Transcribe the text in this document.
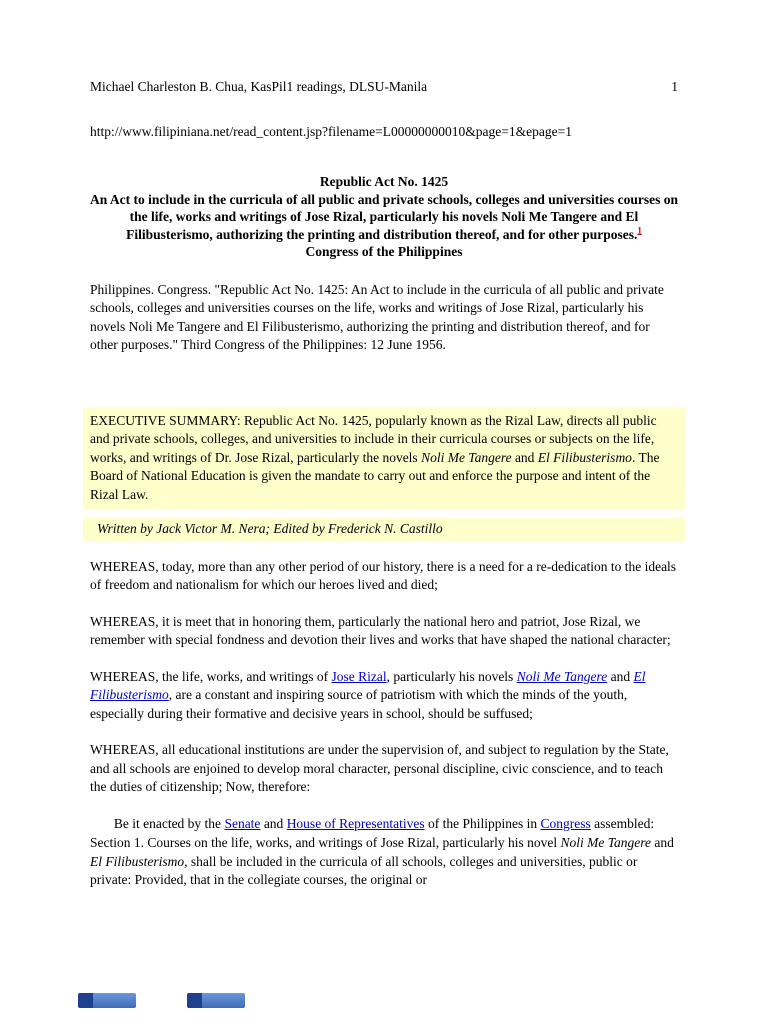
Michael Charleston B. Chua, KasPil1 readings, DLSU-Manila	1
http://www.filipiniana.net/read_content.jsp?filename=L00000000010&page=1&epage=1
Republic Act No. 1425
An Act to include in the curricula of all public and private schools, colleges and universities courses on the life, works and writings of Jose Rizal, particularly his novels Noli Me Tangere and El Filibusterismo, authorizing the printing and distribution thereof, and for other purposes.$^1$
Congress of the Philippines
Philippines. Congress. "Republic Act No. 1425: An Act to include in the curricula of all public and private schools, colleges and universities courses on the life, works and writings of Jose Rizal, particularly his novels Noli Me Tangere and El Filibusterismo, authorizing the printing and distribution thereof, and for other purposes." Third Congress of the Philippines: 12 June 1956.
EXECUTIVE SUMMARY: Republic Act No. 1425, popularly known as the Rizal Law, directs all public and private schools, colleges, and universities to include in their curricula courses or subjects on the life, works, and writings of Dr. Jose Rizal, particularly the novels Noli Me Tangere and El Filibusterismo. The Board of National Education is given the mandate to carry out and enforce the purpose and intent of the Rizal Law.
Written by Jack Victor M. Nera; Edited by Frederick N. Castillo
WHEREAS, today, more than any other period of our history, there is a need for a re-dedication to the ideals of freedom and nationalism for which our heroes lived and died;
WHEREAS, it is meet that in honoring them, particularly the national hero and patriot, Jose Rizal, we remember with special fondness and devotion their lives and works that have shaped the national character;
WHEREAS, the life, works, and writings of Jose Rizal, particularly his novels Noli Me Tangere and El Filibusterismo, are a constant and inspiring source of patriotism with which the minds of the youth, especially during their formative and decisive years in school, should be suffused;
WHEREAS, all educational institutions are under the supervision of, and subject to regulation by the State, and all schools are enjoined to develop moral character, personal discipline, civic conscience, and to teach the duties of citizenship; Now, therefore:
Be it enacted by the Senate and House of Representatives of the Philippines in Congress assembled:
Section 1. Courses on the life, works, and writings of Jose Rizal, particularly his novel Noli Me Tangere and El Filibusterismo, shall be included in the curricula of all schools, colleges and universities, public or private: Provided, that in the collegiate courses, the original or
